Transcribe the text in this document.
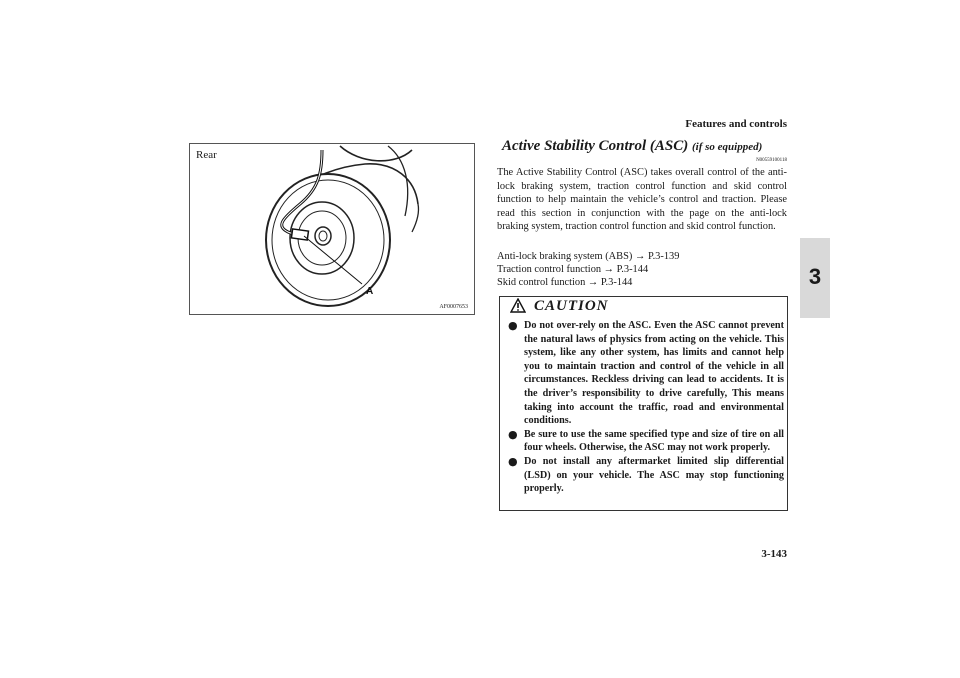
Features and controls
3
A
Rear
AF0007653
Active Stability Control (ASC) (if so equipped)
N00559100118

The Active Stability Control (ASC) takes overall control of the anti-lock braking system, traction control function and skid control function to help maintain the vehicle’s control and traction. Please read this section in conjunction with the page on the anti-lock braking system, traction control function and skid control function.

Anti-lock braking system (ABS) → P.3-139
Traction control function → P.3-144
Skid control function → P.3-144
CAUTION
● Do not over-rely on the ASC. Even the ASC cannot prevent the natural laws of physics from acting on the vehicle. This system, like any other system, has limits and cannot help you to maintain traction and control of the vehicle in all circumstances. Reckless driving can lead to accidents. It is the driver’s responsibility to drive carefully, This means taking into account the traffic, road and environmental conditions.
● Be sure to use the same specified type and size of tire on all four wheels. Otherwise, the ASC may not work properly.
● Do not install any aftermarket limited slip differential (LSD) on your vehicle. The ASC may stop functioning properly.
3-143
